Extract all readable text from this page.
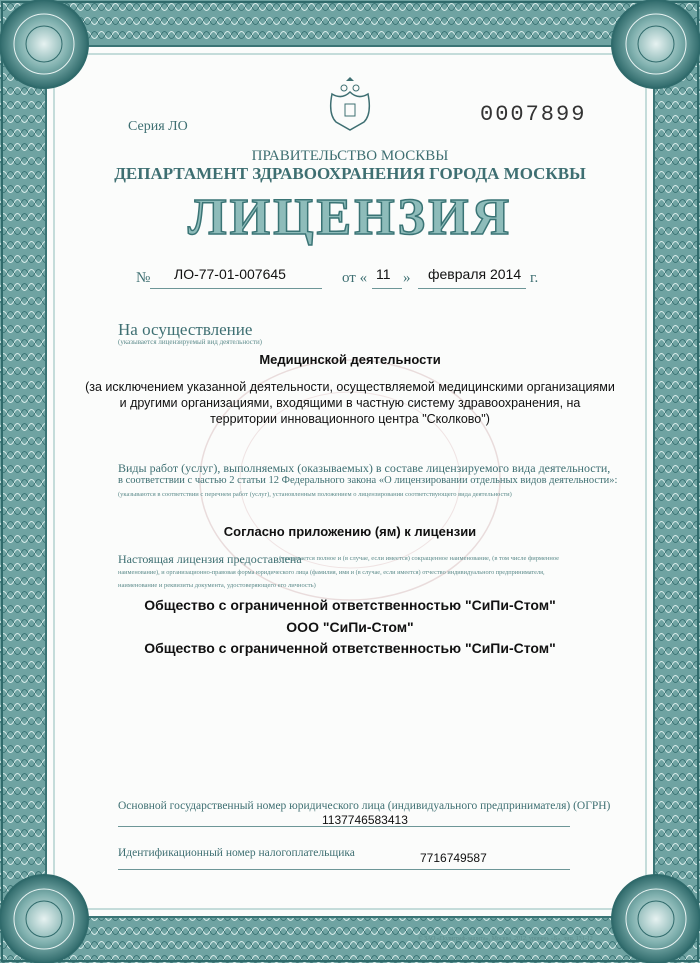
Серия ЛО	0007899

ПРАВИТЕЛЬСТВО МОСКВЫ

ДЕПАРТАМЕНТ ЗДРАВООХРАНЕНИЯ ГОРОДА МОСКВЫ

ЛИЦЕНЗИЯ

№ ЛО-77-01-007645	от « 11 » февраля 2014 г.

На осуществление

(указывается лицензируемый вид деятельности)

Медицинской деятельности

(за исключением указанной деятельности, осуществляемой медицинскими организациями

и другими организациями, входящими в частную систему здравоохранения, на

территории инновационного центра "Сколково")

Виды работ (услуг), выполняемых (оказываемых) в составе лицензируемого вида деятельности,

в соответствии с частью 2 статьи 12 Федерального закона «О лицензировании отдельных видов деятельности»:

(указываются в соответствии с перечнем работ (услуг), установленным положением о лицензировании соответствующего вида деятельности)

Согласно приложению (ям) к лицензии

Настоящая лицензия предоставлена

(указывается полное и (в случае, если имеется) сокращенное наименование, (в том числе фирменное

наименование), и организационно-правовая форма юридического лица (фамилия, имя и (в случае, если имеется) отчество индивидуального предпринимателя,

наименование и реквизиты документа, удостоверяющего его личность)

Общество с ограниченной ответственностью "СиПи-Стом"

ООО "СиПи-Стом"

Общество с ограниченной ответственностью "СиПи-Стом"

Основной государственный номер юридического лица (индивидуального предпринимателя) (ОГРН)

1137746583413

Идентификационный номер налогоплательщика	7716749587

© ЗАО «Полиграф-защита», Москва, 2012, уровень «Б», лиц. 131-12
